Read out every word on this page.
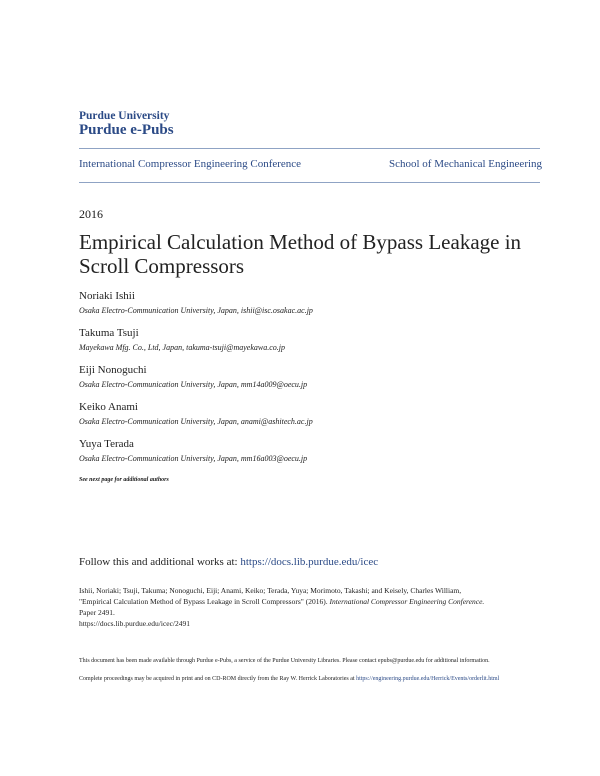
Purdue University
Purdue e-Pubs
International Compressor Engineering Conference	School of Mechanical Engineering
2016
Empirical Calculation Method of Bypass Leakage in Scroll Compressors
Noriaki Ishii
Osaka Electro-Communication University, Japan, ishii@isc.osakac.ac.jp
Takuma Tsuji
Mayekawa Mfg. Co., Ltd, Japan, takuma-tsuji@mayekawa.co.jp
Eiji Nonoguchi
Osaka Electro-Communication University, Japan, mm14a009@oecu.jp
Keiko Anami
Osaka Electro-Communication University, Japan, anami@ashitech.ac.jp
Yuya Terada
Osaka Electro-Communication University, Japan, mm16a003@oecu.jp
See next page for additional authors
Follow this and additional works at: https://docs.lib.purdue.edu/icec
Ishii, Noriaki; Tsuji, Takuma; Nonoguchi, Eiji; Anami, Keiko; Terada, Yuya; Morimoto, Takashi; and Keisely, Charles William,
"Empirical Calculation Method of Bypass Leakage in Scroll Compressors" (2016). International Compressor Engineering Conference.
Paper 2491.
https://docs.lib.purdue.edu/icec/2491
This document has been made available through Purdue e-Pubs, a service of the Purdue University Libraries. Please contact epubs@purdue.edu for additional information.
Complete proceedings may be acquired in print and on CD-ROM directly from the Ray W. Herrick Laboratories at https://engineering.purdue.edu/Herrick/Events/orderlit.html
